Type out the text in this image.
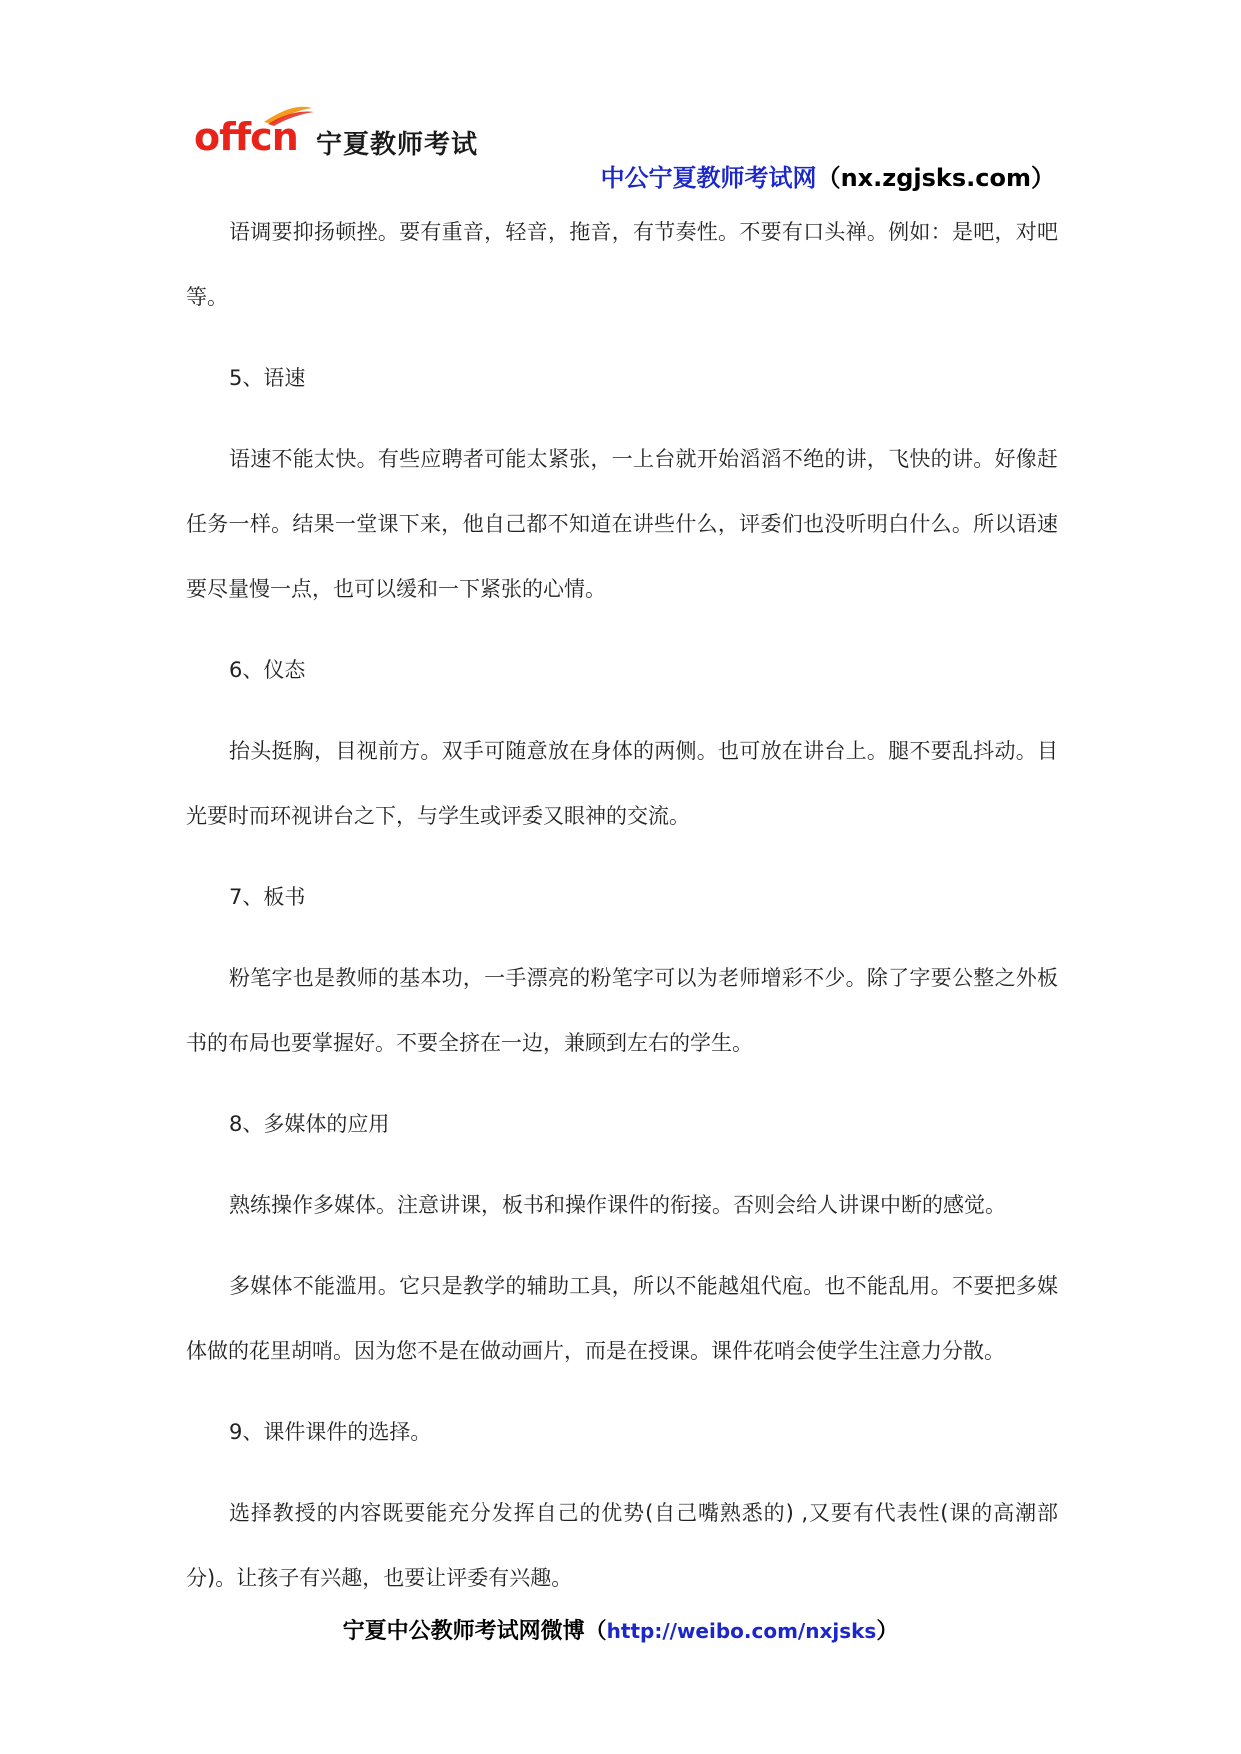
offcn 宁夏教师考试
中公宁夏教师考试网（nx.zgjsks.com）

语调要抑扬顿挫。要有重音，轻音，拖音，有节奏性。不要有口头禅。例如：是吧，对吧等。

5、语速

语速不能太快。有些应聘者可能太紧张，一上台就开始滔滔不绝的讲，飞快的讲。好像赶任务一样。结果一堂课下来，他自己都不知道在讲些什么，评委们也没听明白什么。所以语速要尽量慢一点，也可以缓和一下紧张的心情。

6、仪态

抬头挺胸，目视前方。双手可随意放在身体的两侧。也可放在讲台上。腿不要乱抖动。目光要时而环视讲台之下，与学生或评委又眼神的交流。

7、板书

粉笔字也是教师的基本功，一手漂亮的粉笔字可以为老师增彩不少。除了字要公整之外板书的布局也要掌握好。不要全挤在一边，兼顾到左右的学生。

8、多媒体的应用

熟练操作多媒体。注意讲课，板书和操作课件的衔接。否则会给人讲课中断的感觉。

多媒体不能滥用。它只是教学的辅助工具，所以不能越俎代庖。也不能乱用。不要把多媒体做的花里胡哨。因为您不是在做动画片，而是在授课。课件花哨会使学生注意力分散。

9、课件课件的选择。

选择教授的内容既要能充分发挥自己的优势(自己嘴熟悉的) ,又要有代表性(课的高潮部分)。让孩子有兴趣，也要让评委有兴趣。

宁夏中公教师考试网微博（http://weibo.com/nxjsks）
